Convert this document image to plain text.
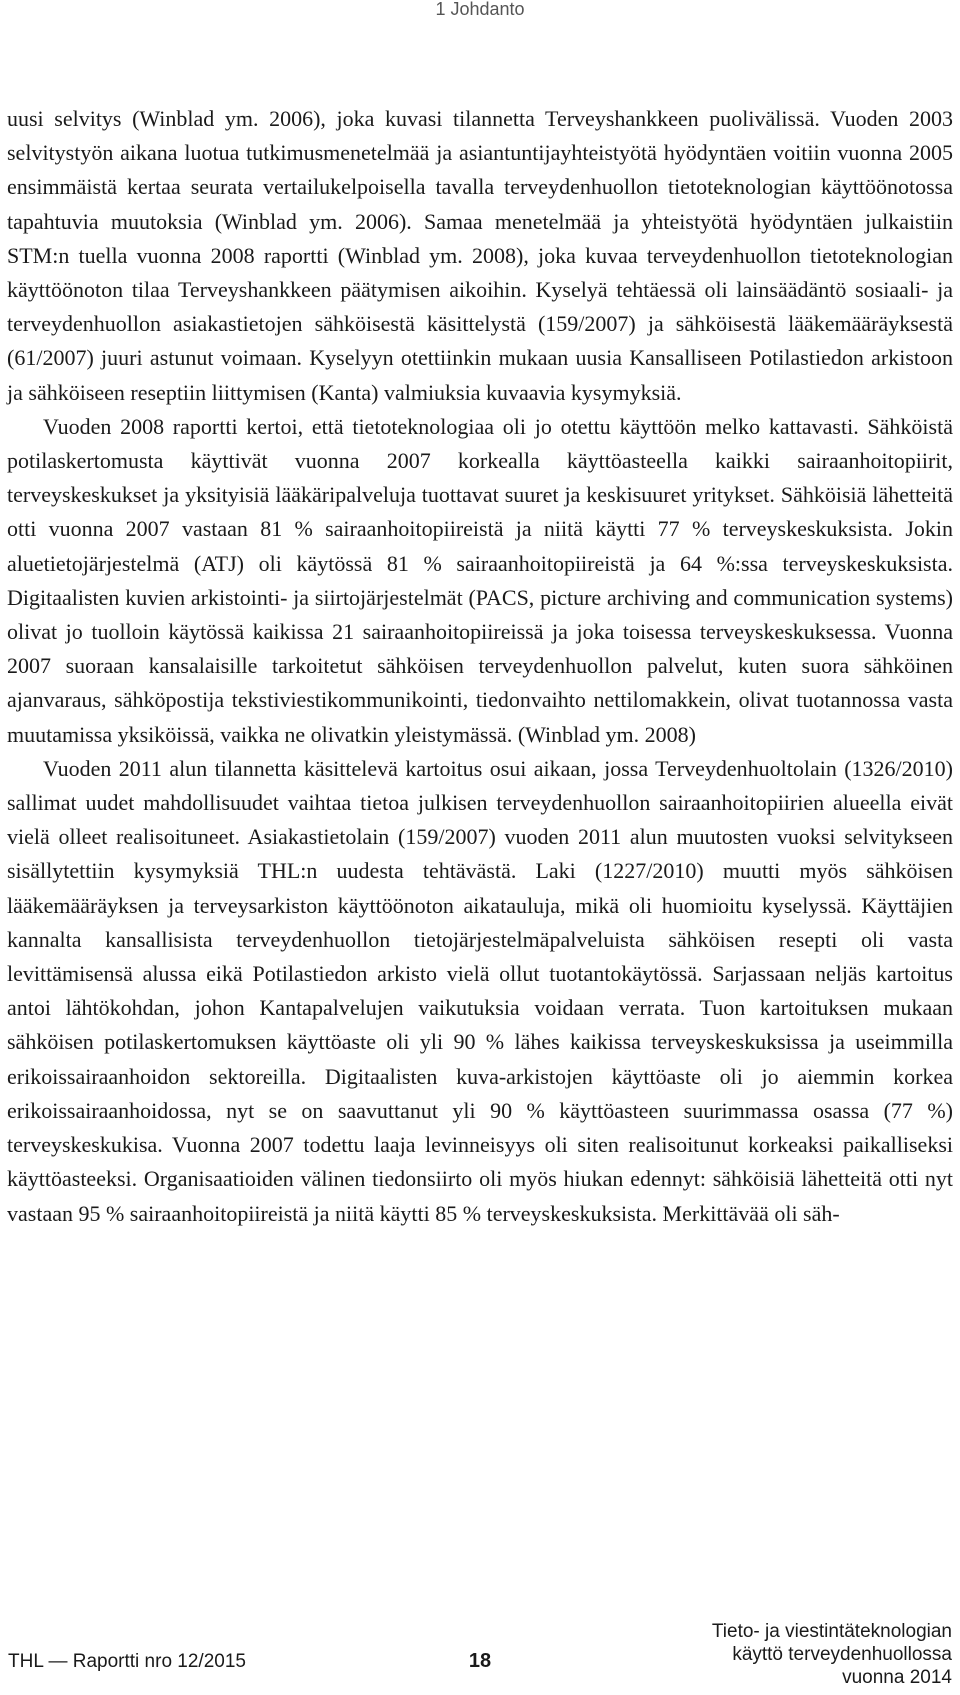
1 Johdanto

uusi selvitys (Winblad ym. 2006), joka kuvasi tilannetta Terveyshankkeen puolivälissä. Vuoden 2003 selvitystyön aikana luotua tutkimusmenetelmää ja asiantuntijayhteistyötä hyödyntäen voitiin vuonna 2005 ensimmäistä kertaa seurata vertailukelpoisella tavalla terveydenhuollon tietoteknologian käyttöönotossa tapahtuvia muutoksia (Winblad ym. 2006). Samaa menetelmää ja yhteistyötä hyödyntäen julkaistiin STM:n tuella vuonna 2008 raportti (Winblad ym. 2008), joka kuvaa terveydenhuollon tietoteknologian käyttöönoton tilaa Terveyshankkeen päätymisen aikoihin. Kyselyä tehtäessä oli lainsäädäntö sosiaali- ja terveydenhuollon asiakastietojen sähköisestä käsittelystä (159/2007) ja sähköisestä lääkemääräyksestä (61/2007) juuri astunut voimaan. Kyselyyn otettiinkin mukaan uusia Kansalliseen Potilastiedon arkistoon ja sähköiseen reseptiin liittymisen (Kanta) valmiuksia kuvaavia kysymyksiä.

Vuoden 2008 raportti kertoi, että tietoteknologiaa oli jo otettu käyttöön melko kattavasti. Sähköistä potilaskertomusta käyttivät vuonna 2007 korkealla käyttöasteella kaikki sairaanhoitopiirit, terveyskeskukset ja yksityisiä lääkäripalveluja tuottavat suuret ja keskisuuret yritykset. Sähköisiä lähetteitä otti vuonna 2007 vastaan 81 % sairaanhoitopiireistä ja niitä käytti 77 % terveyskeskuksista. Jokin aluetietojärjestelmä (ATJ) oli käytössä 81 % sairaanhoitopiireistä ja 64 %:ssa terveyskeskuksista. Digitaalisten kuvien arkistointi- ja siirtojärjestelmät (PACS, picture archiving and communication systems) olivat jo tuolloin käytössä kaikissa 21 sairaanhoitopiireissä ja joka toisessa terveyskeskuksessa. Vuonna 2007 suoraan kansalaisille tarkoitetut sähköisen terveydenhuollon palvelut, kuten suora sähköinen ajanvaraus, sähköpostija tekstiviestikommunikointi, tiedonvaihto nettilomakkein, olivat tuotannossa vasta muutamissa yksiköissä, vaikka ne olivatkin yleistymässä. (Winblad ym. 2008)

Vuoden 2011 alun tilannetta käsittelevä kartoitus osui aikaan, jossa Terveydenhuoltolain (1326/2010) sallimat uudet mahdollisuudet vaihtaa tietoa julkisen terveydenhuollon sairaanhoitopiirien alueella eivät vielä olleet realisoituneet. Asiakastietolain (159/2007) vuoden 2011 alun muutosten vuoksi selvitykseen sisällytettiin kysymyksiä THL:n uudesta tehtävästä. Laki (1227/2010) muutti myös sähköisen lääkemääräyksen ja terveysarkiston käyttöönoton aikatauluja, mikä oli huomioitu kyselyssä. Käyttäjien kannalta kansallisista terveydenhuollon tietojärjestelmäpalveluista sähköisen resepti oli vasta levittämisensä alussa eikä Potilastiedon arkisto vielä ollut tuotantokäytössä. Sarjassaan neljäs kartoitus antoi lähtökohdan, johon Kantapalvelujen vaikutuksia voidaan verrata. Tuon kartoituksen mukaan sähköisen potilaskertomuksen käyttöaste oli yli 90 % lähes kaikissa terveyskeskuksissa ja useimmilla erikoissairaanhoidon sektoreilla. Digitaalisten kuva-arkistojen käyttöaste oli jo aiemmin korkea erikoissairaanhoidossa, nyt se on saavuttanut yli 90 % käyttöasteen suurimmassa osassa (77 %) terveyskeskukisa. Vuonna 2007 todettu laaja levinneisyys oli siten realisoitunut korkeaksi paikalliseksi käyttöasteeksi. Organisaatioiden välinen tiedonsiirto oli myös hiukan edennyt: sähköisiä lähetteitä otti nyt vastaan 95 % sairaanhoitopiireistä ja niitä käytti 85 % terveyskeskuksista. Merkittävää oli säh-

THL — Raportti nro 12/2015	18
Tieto- ja viestintäteknologian
käyttö terveydenhuollossa
vuonna 2014
